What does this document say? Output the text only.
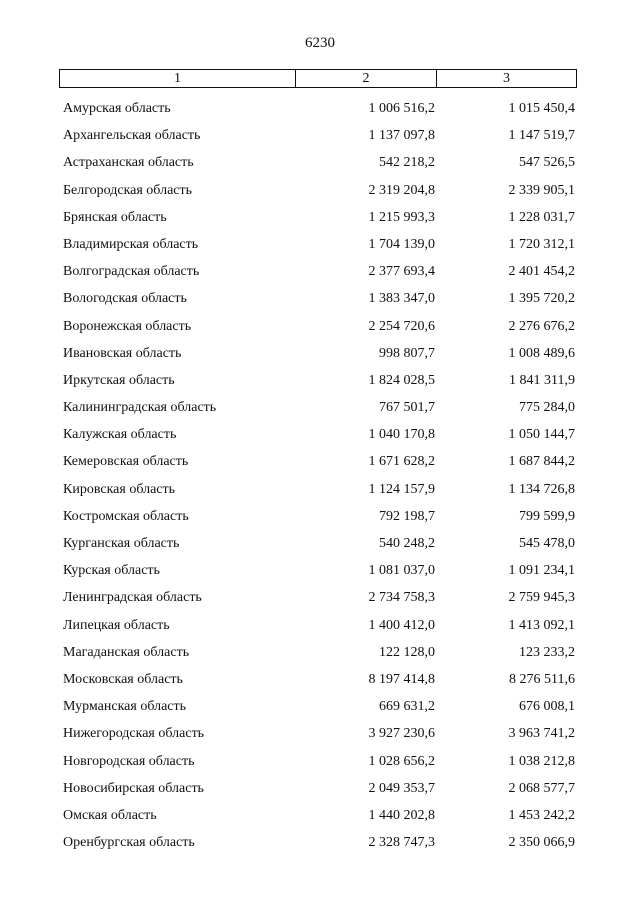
6230
1	2	3
Амурская область	1 006 516,2	1 015 450,4
Архангельская область	1 137 097,8	1 147 519,7
Астраханская область	542 218,2	547 526,5
Белгородская область	2 319 204,8	2 339 905,1
Брянская область	1 215 993,3	1 228 031,7
Владимирская область	1 704 139,0	1 720 312,1
Волгоградская область	2 377 693,4	2 401 454,2
Вологодская область	1 383 347,0	1 395 720,2
Воронежская область	2 254 720,6	2 276 676,2
Ивановская область	998 807,7	1 008 489,6
Иркутская область	1 824 028,5	1 841 311,9
Калининградская область	767 501,7	775 284,0
Калужская область	1 040 170,8	1 050 144,7
Кемеровская область	1 671 628,2	1 687 844,2
Кировская область	1 124 157,9	1 134 726,8
Костромская область	792 198,7	799 599,9
Курганская область	540 248,2	545 478,0
Курская область	1 081 037,0	1 091 234,1
Ленинградская область	2 734 758,3	2 759 945,3
Липецкая область	1 400 412,0	1 413 092,1
Магаданская область	122 128,0	123 233,2
Московская область	8 197 414,8	8 276 511,6
Мурманская область	669 631,2	676 008,1
Нижегородская область	3 927 230,6	3 963 741,2
Новгородская область	1 028 656,2	1 038 212,8
Новосибирская область	2 049 353,7	2 068 577,7
Омская область	1 440 202,8	1 453 242,2
Оренбургская область	2 328 747,3	2 350 066,9
